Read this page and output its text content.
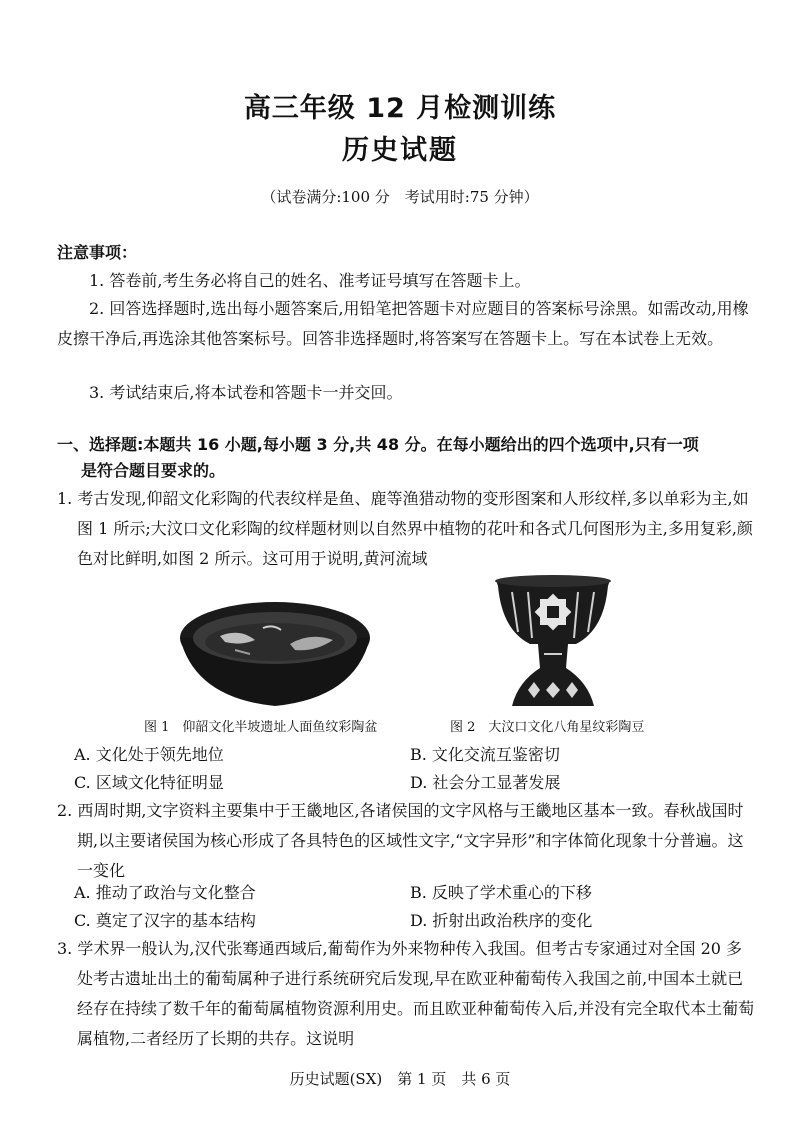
高三年级 12 月检测训练
历史试题
（试卷满分:100 分　考试用时:75 分钟）
注意事项：
1. 答卷前,考生务必将自己的姓名、准考证号填写在答题卡上。
2. 回答选择题时,选出每小题答案后,用铅笔把答题卡对应题目的答案标号涂黑。如需改动,用橡皮擦干净后,再选涂其他答案标号。回答非选择题时,将答案写在答题卡上。写在本试卷上无效。
3. 考试结束后,将本试卷和答题卡一并交回。
一、选择题:本题共 16 小题,每小题 3 分,共 48 分。在每小题给出的四个选项中,只有一项
是符合题目要求的。
1. 考古发现,仰韶文化彩陶的代表纹样是鱼、鹿等渔猎动物的变形图案和人形纹样,多以单彩为主,如图 1 所示;大汶口文化彩陶的纹样题材则以自然界中植物的花叶和各式几何图形为主,多用复彩,颜色对比鲜明,如图 2 所示。这可用于说明,黄河流域
图 1　仰韶文化半坡遗址人面鱼纹彩陶盆	图 2　大汶口文化八角星纹彩陶豆
A. 文化处于领先地位	B. 文化交流互鉴密切
C. 区域文化特征明显	D. 社会分工显著发展
2. 西周时期,文字资料主要集中于王畿地区,各诸侯国的文字风格与王畿地区基本一致。春秋战国时期,以主要诸侯国为核心形成了各具特色的区域性文字,“文字异形”和字体简化现象十分普遍。这一变化
A. 推动了政治与文化整合	B. 反映了学术重心的下移
C. 奠定了汉字的基本结构	D. 折射出政治秩序的变化
3. 学术界一般认为,汉代张骞通西域后,葡萄作为外来物种传入我国。但考古专家通过对全国 20 多处考古遗址出土的葡萄属种子进行系统研究后发现,早在欧亚种葡萄传入我国之前,中国本土就已经存在持续了数千年的葡萄属植物资源利用史。而且欧亚种葡萄传入后,并没有完全取代本土葡萄属植物,二者经历了长期的共存。这说明
历史试题(SX)　第 1 页　共 6 页
